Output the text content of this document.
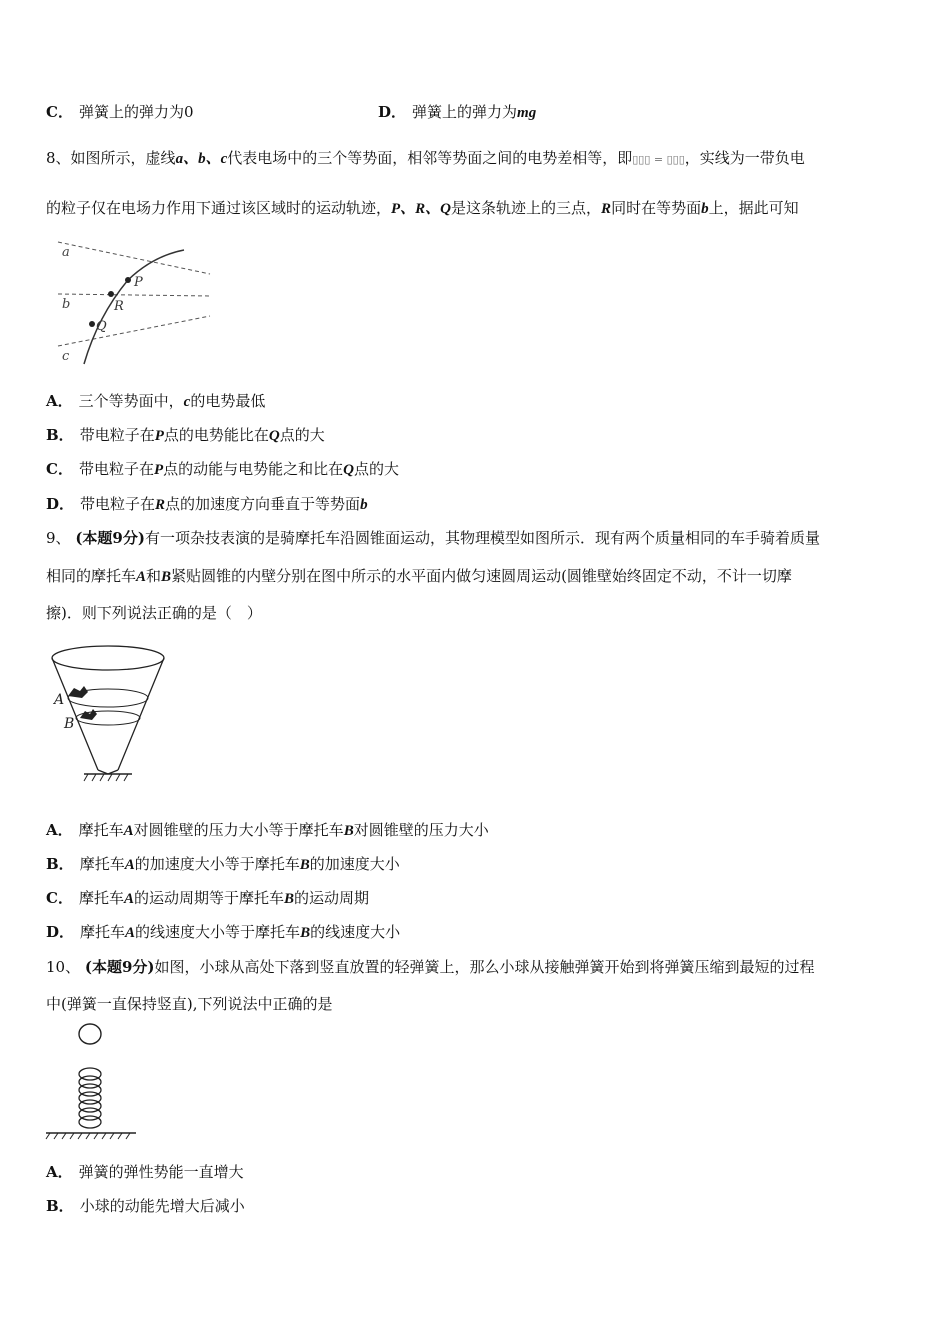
C． 弹簧上的弹力为0	D． 弹簧上的弹力为mg
8、如图所示，虚线a、b、c代表电场中的三个等势面，相邻等势面之间的电势差相等，即▯▯▯ = ▯▯▯，实线为一带负电
的粒子仅在电场力作用下通过该区域时的运动轨迹，P、R、Q是这条轨迹上的三点，R同时在等势面b上，据此可知
a
b
c
P
R
Q
A． 三个等势面中，c的电势最低
B． 带电粒子在P点的电势能比在Q点的大
C． 带电粒子在P点的动能与电势能之和比在Q点的大
D． 带电粒子在R点的加速度方向垂直于等势面b
9、 (本题9分)有一项杂技表演的是骑摩托车沿圆锥面运动，其物理模型如图所示．现有两个质量相同的车手骑着质量
相同的摩托车A和B紧贴圆锥的内壁分别在图中所示的水平面内做匀速圆周运动(圆锥壁始终固定不动，不计一切摩
擦)．则下列说法正确的是（　）
A
B
A． 摩托车A对圆锥壁的压力大小等于摩托车B对圆锥壁的压力大小
B． 摩托车A的加速度大小等于摩托车B的加速度大小
C． 摩托车A的运动周期等于摩托车B的运动周期
D． 摩托车A的线速度大小等于摩托车B的线速度大小
10、 (本题9分)如图，小球从高处下落到竖直放置的轻弹簧上，那么小球从接触弹簧开始到将弹簧压缩到最短的过程
中(弹簧一直保持竖直),下列说法中正确的是
A． 弹簧的弹性势能一直增大
B． 小球的动能先增大后减小
